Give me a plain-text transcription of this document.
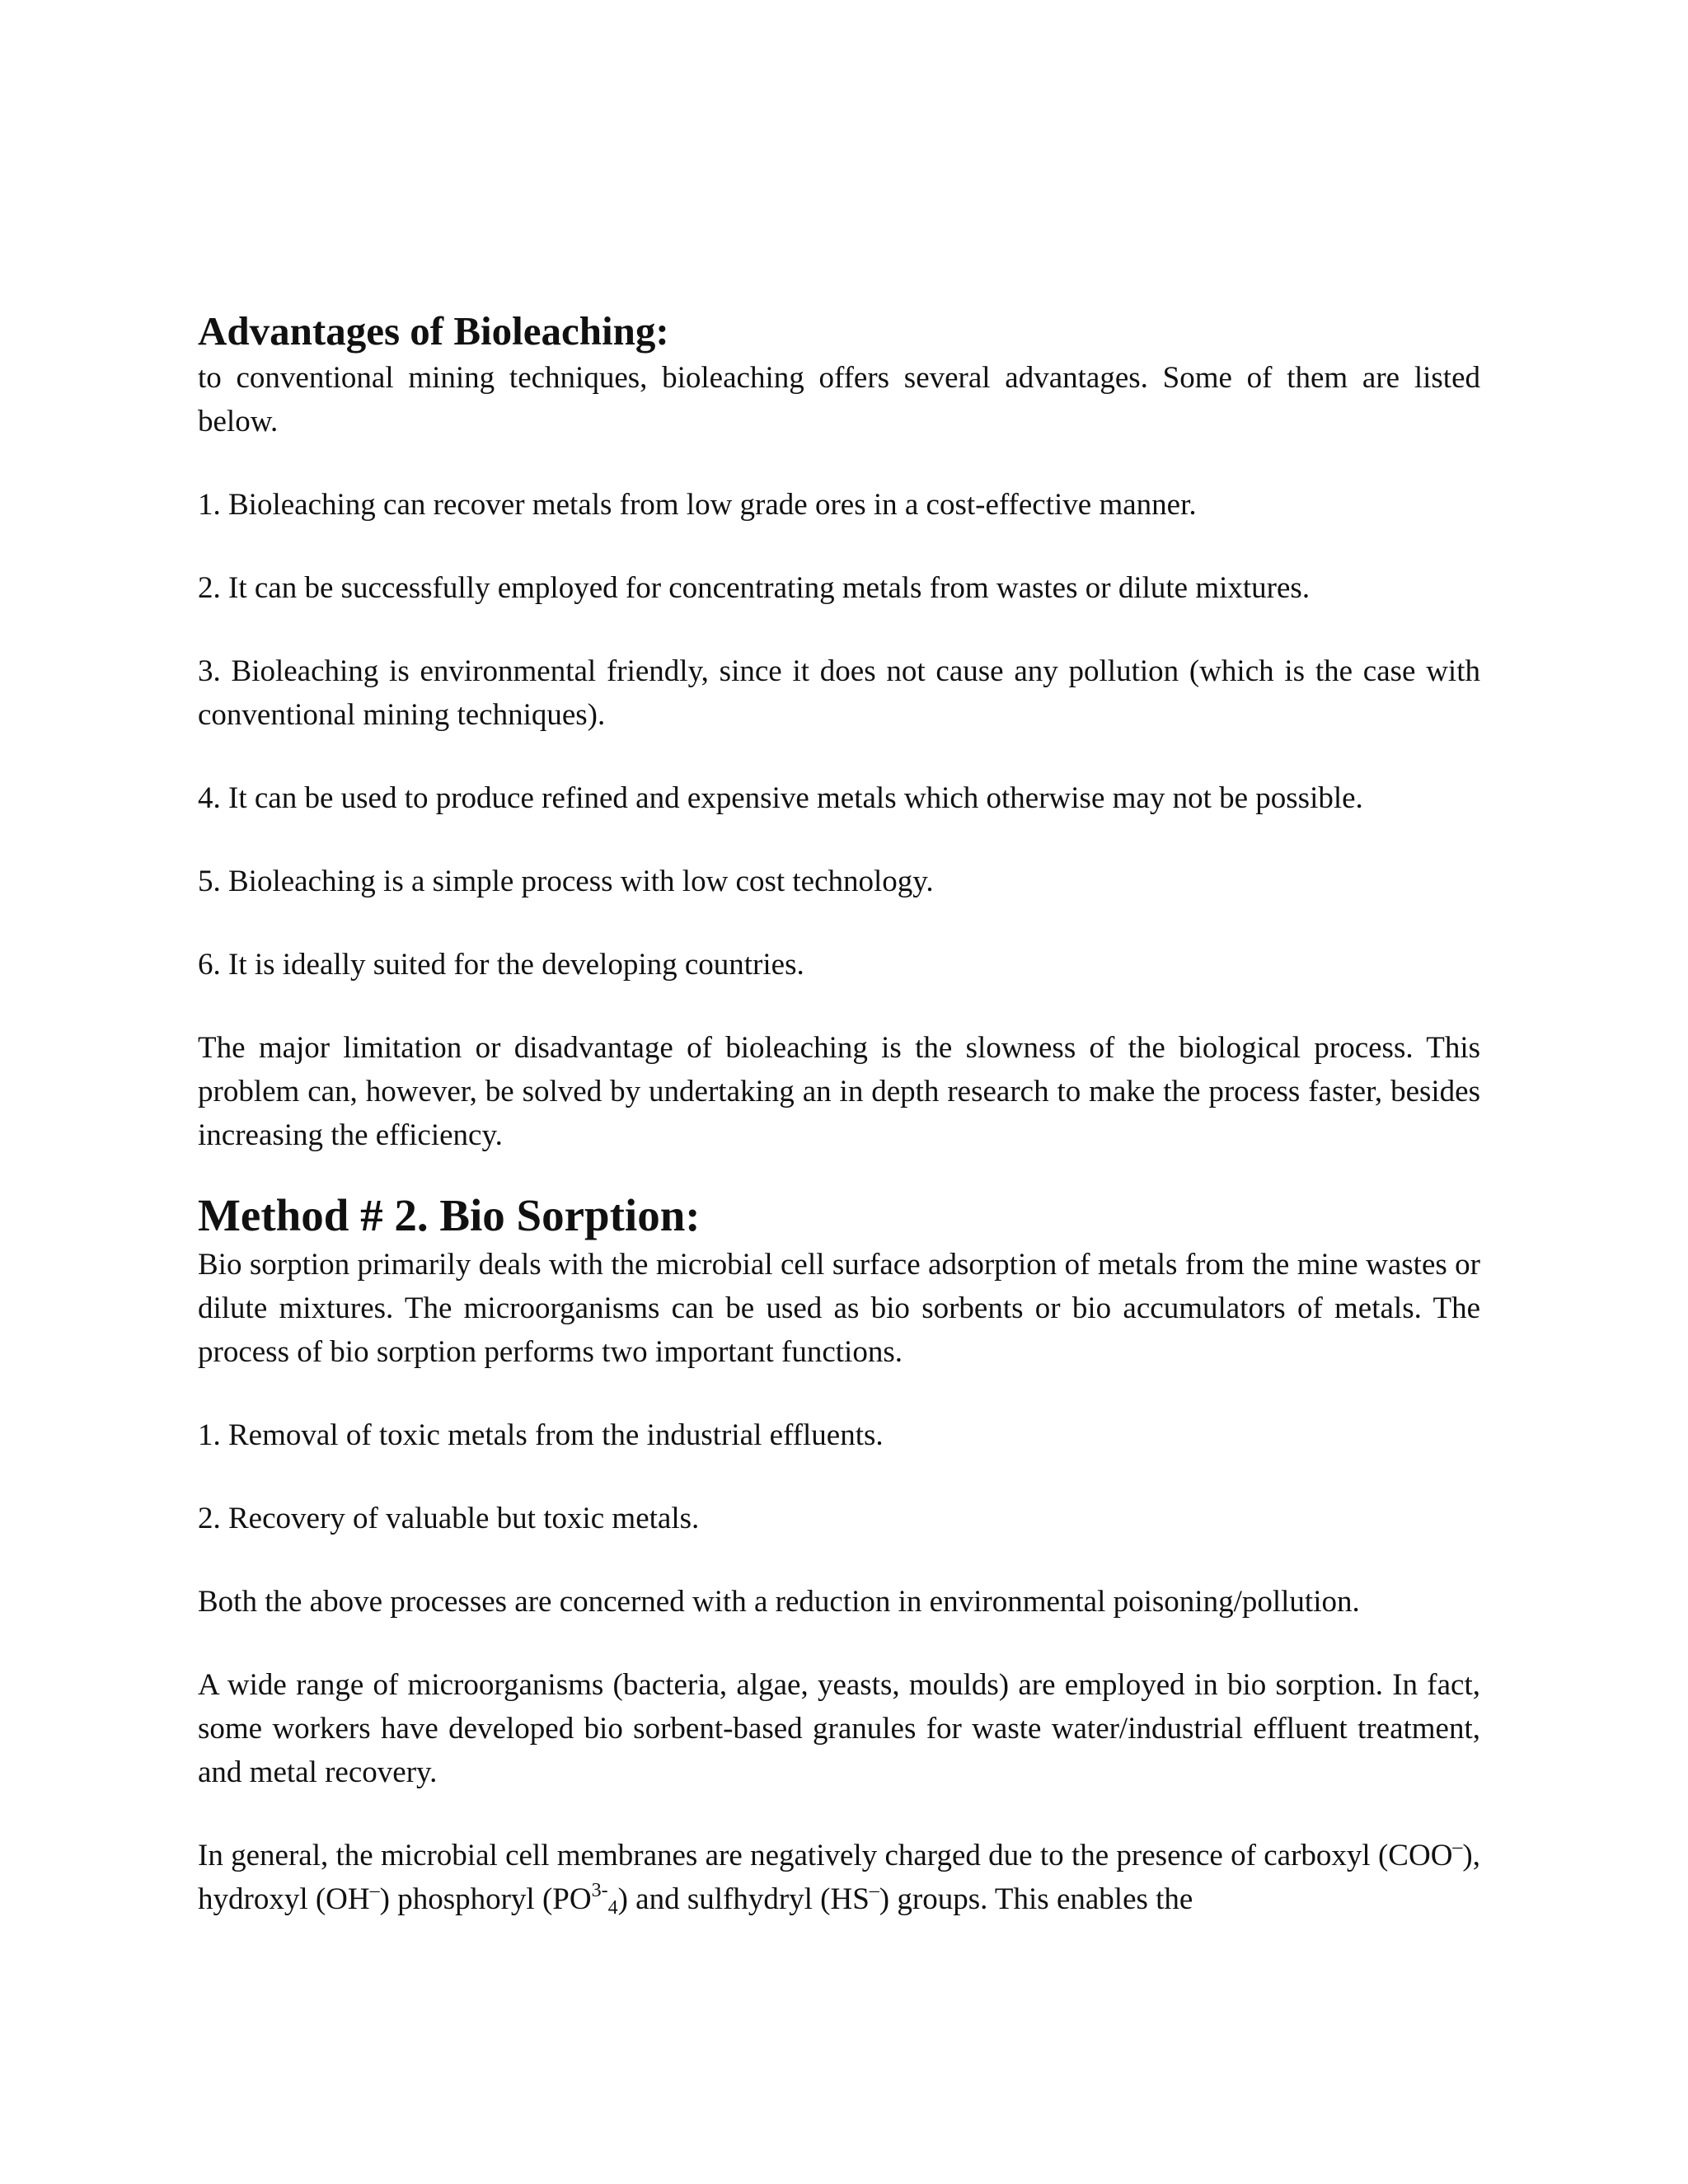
Advantages of Bioleaching:

to conventional mining techniques, bioleaching offers several advantages. Some of them are listed below.

1. Bioleaching can recover metals from low grade ores in a cost-effective manner.

2. It can be successfully employed for concentrating metals from wastes or dilute mixtures.

3. Bioleaching is environmental friendly, since it does not cause any pollution (which is the case with conventional mining techniques).

4. It can be used to produce refined and expensive metals which otherwise may not be possible.

5. Bioleaching is a simple process with low cost technology.

6. It is ideally suited for the developing countries.

The major limitation or disadvantage of bioleaching is the slowness of the biological process. This problem can, however, be solved by undertaking an in depth research to make the process faster, besides increasing the efficiency.

Method # 2. Bio Sorption:

Bio sorption primarily deals with the microbial cell surface adsorption of metals from the mine wastes or dilute mixtures. The microorganisms can be used as bio sorbents or bio accumulators of metals. The process of bio sorption performs two important functions.

1. Removal of toxic metals from the industrial effluents.

2. Recovery of valuable but toxic metals.

Both the above processes are concerned with a reduction in environmental poisoning/pollution.

A wide range of microorganisms (bacteria, algae, yeasts, moulds) are employed in bio sorption. In fact, some workers have developed bio sorbent-based granules for waste water/industrial effluent treatment, and metal recovery.

In general, the microbial cell membranes are negatively charged due to the presence of carboxyl (COO–), hydroxyl (OH–) phosphoryl $(PO^{3-}_4)$ and sulfhydryl (HS–) groups. This enables the
